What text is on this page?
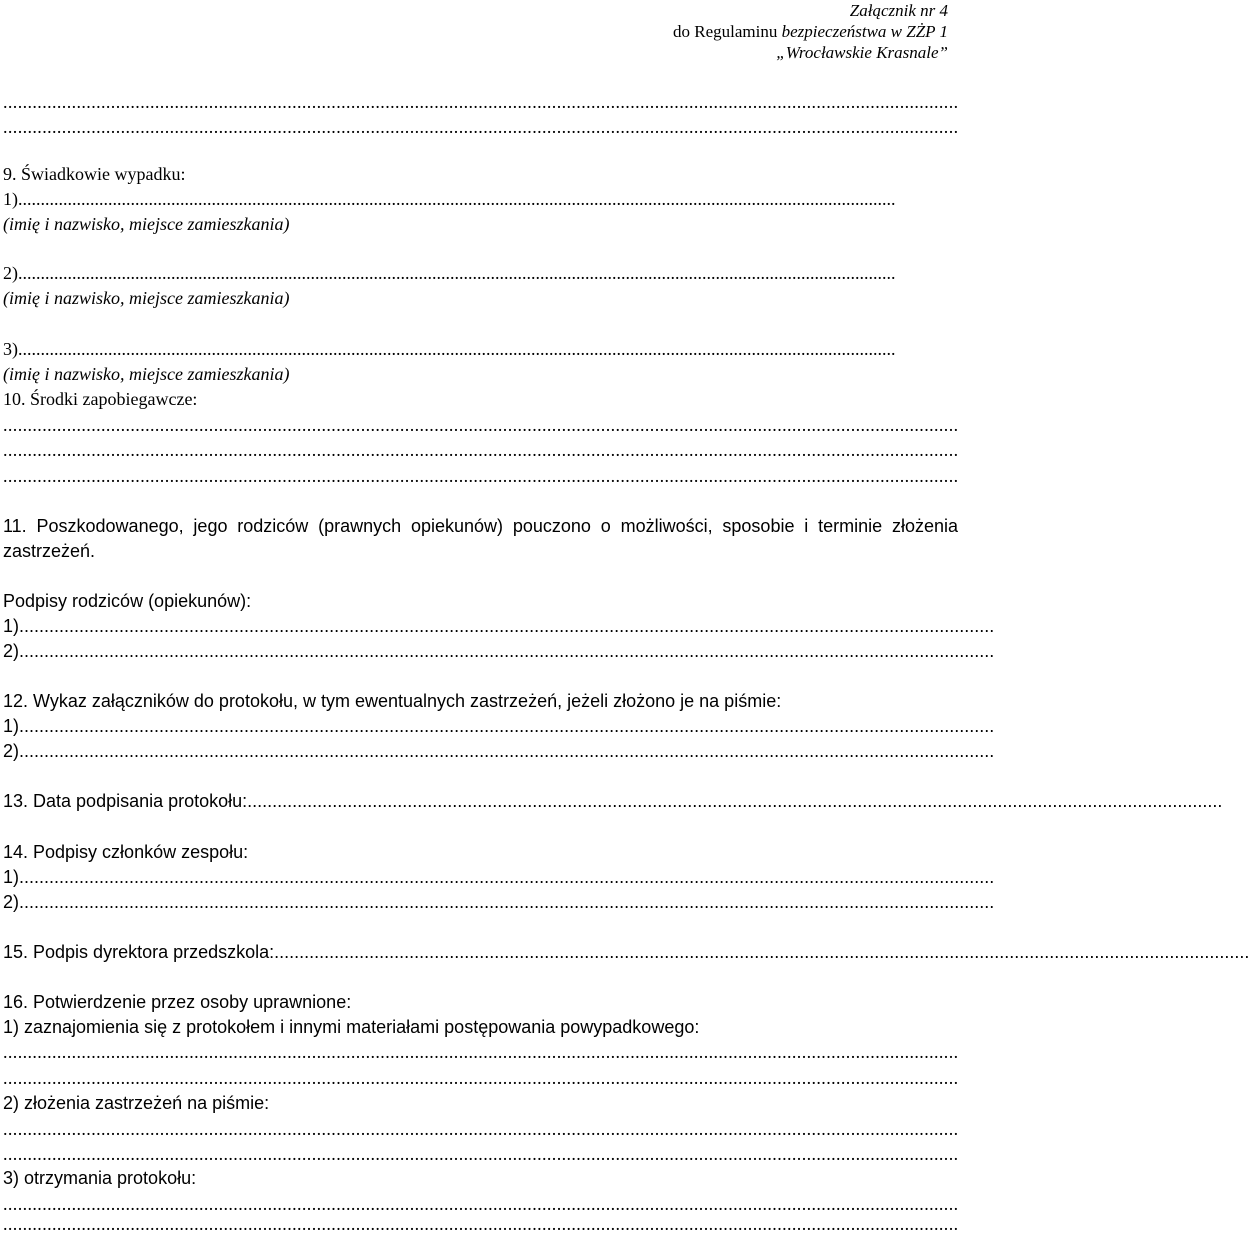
Załącznik nr 4
do Regulaminu bezpieczeństwa w ZŻP 1
„Wrocławskie Krasnale”
...................................................................................................................................................................................................
...................................................................................................................................................................................................
9. Świadkowie wypadku:
1) ...................................................................................................................................................................................................
(imię i nazwisko, miejsce zamieszkania)
2) ...................................................................................................................................................................................................
(imię i nazwisko, miejsce zamieszkania)
3) ...................................................................................................................................................................................................
(imię i nazwisko, miejsce zamieszkania)
10. Środki zapobiegawcze:
...................................................................................................................................................................................................
...................................................................................................................................................................................................
...................................................................................................................................................................................................
11. Poszkodowanego, jego rodziców (prawnych opiekunów) pouczono o możliwości, sposobie i terminie złożenia zastrzeżeń.
Podpisy rodziców (opiekunów):
1) ...................................................................................................................................................................................................
2) ...................................................................................................................................................................................................
12. Wykaz załączników do protokołu, w tym ewentualnych zastrzeżeń, jeżeli złożono je na piśmie:
1) ...................................................................................................................................................................................................
2) ...................................................................................................................................................................................................
13. Data podpisania protokołu: ...................................................................................................................................................................................................
14. Podpisy członków zespołu:
1) ...................................................................................................................................................................................................
2) ...................................................................................................................................................................................................
15. Podpis dyrektora przedszkola: ...................................................................................................................................................................................................
16. Potwierdzenie przez osoby uprawnione:
1) zaznajomienia się z protokołem i innymi materiałami postępowania powypadkowego:
...................................................................................................................................................................................................
...................................................................................................................................................................................................
2) złożenia zastrzeżeń na piśmie:
...................................................................................................................................................................................................
...................................................................................................................................................................................................
3) otrzymania protokołu:
...................................................................................................................................................................................................
...................................................................................................................................................................................................
